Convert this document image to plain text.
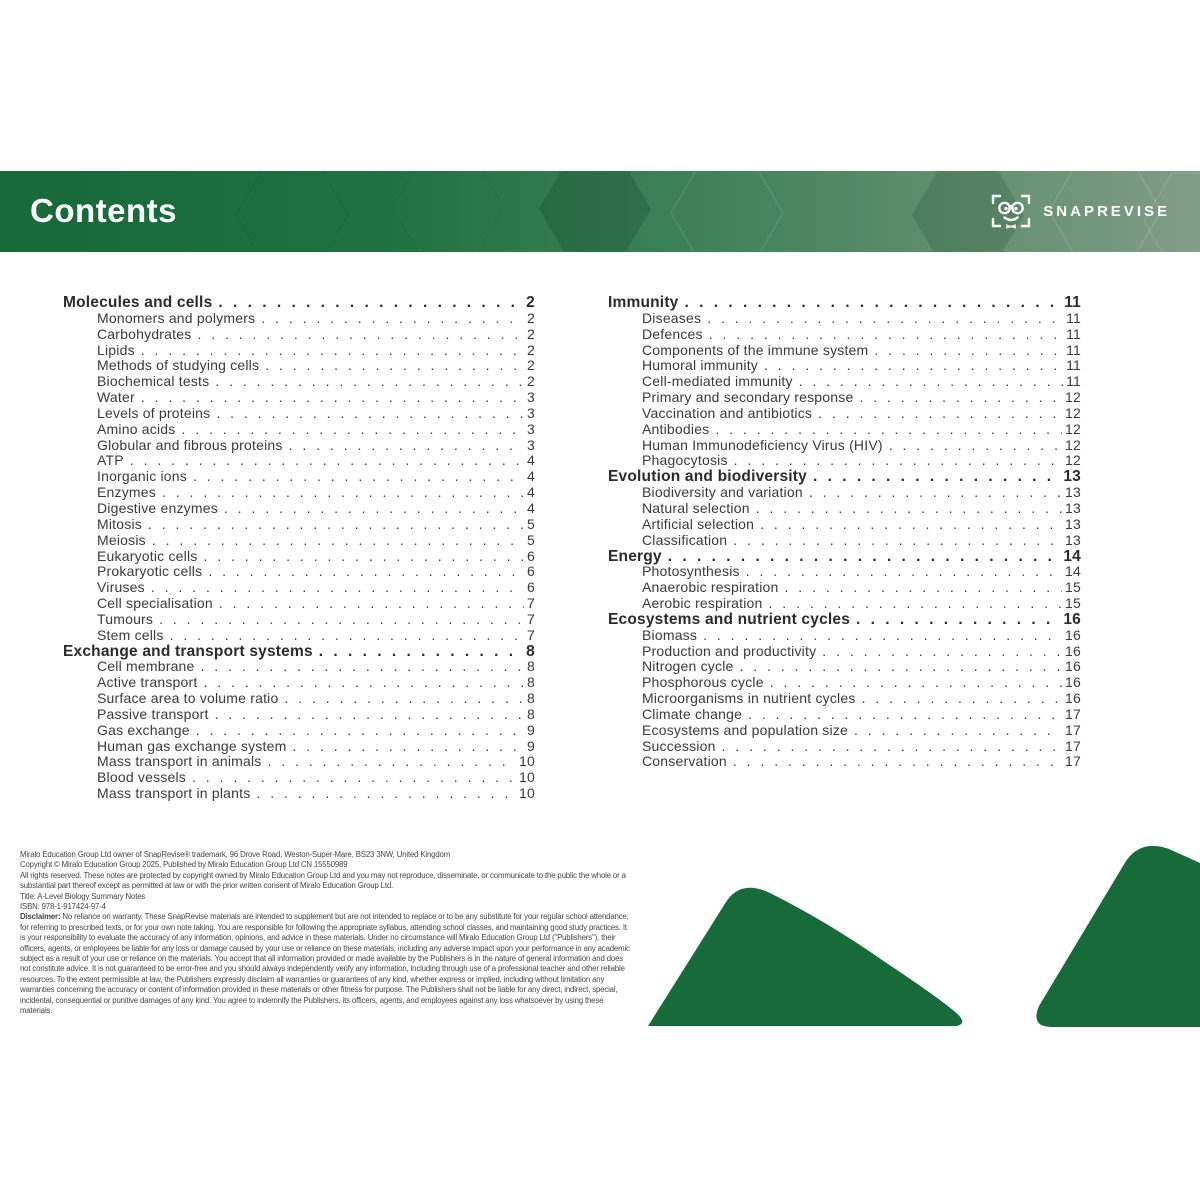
Contents	SNAPREVISE
Molecules and cells . . .	2
Monomers and polymers . . .	2
Carbohydrates . . .	2
Lipids . . .	2
Methods of studying cells . . .	2
Biochemical tests . . .	2
Water . . .	3
Levels of proteins . . .	3
Amino acids . . .	3
Globular and fibrous proteins . . .	3
ATP . . .	4
Inorganic ions . . .	4
Enzymes . . .	4
Digestive enzymes . . .	4
Mitosis . . .	5
Meiosis . . .	5
Eukaryotic cells . . .	6
Prokaryotic cells . . .	6
Viruses . . .	6
Cell specialisation . . .	7
Tumours . . .	7
Stem cells . . .	7
Exchange and transport systems . . .	8
Cell membrane . . .	8
Active transport . . .	8
Surface area to volume ratio . . .	8
Passive transport . . .	8
Gas exchange . . .	9
Human gas exchange system . . .	9
Mass transport in animals . . .	10
Blood vessels . . .	10
Mass transport in plants . . .	10
Immunity . . .	11
Diseases . . .	11
Defences . . .	11
Components of the immune system . . .	11
Humoral immunity . . .	11
Cell-mediated immunity . . .	11
Primary and secondary response . . .	12
Vaccination and antibiotics . . .	12
Antibodies . . .	12
Human Immunodeficiency Virus (HIV) . . .	12
Phagocytosis . . .	12
Evolution and biodiversity . . .	13
Biodiversity and variation . . .	13
Natural selection . . .	13
Artificial selection . . .	13
Classification . . .	13
Energy . . .	14
Photosynthesis . . .	14
Anaerobic respiration . . .	15
Aerobic respiration . . .	15
Ecosystems and nutrient cycles . . .	16
Biomass . . .	16
Production and productivity . . .	16
Nitrogen cycle . . .	16
Phosphorous cycle . . .	16
Microorganisms in nutrient cycles . . .	16
Climate change . . .	17
Ecosystems and population size . . .	17
Succession . . .	17
Conservation . . .	17
Miralo Education Group Ltd owner of SnapRevise® trademark, 96 Drove Road, Weston-Super-Mare, BS23 3NW, United Kingdom
Copyright © Miralo Education Group 2025, Published by Miralo Education Group Ltd CN 15550989
All rights reserved. These notes are protected by copyright owned by Miralo Education Group Ltd and you may not reproduce, disseminate, or communicate to the public the whole or a substantial part thereof except as permitted at law or with the prior written consent of Miralo Education Group Ltd.
Title: A-Level Biology Summary Notes
ISBN: 978-1-917424-97-4
Disclaimer: No reliance on warranty. These SnapRevise materials are intended to supplement but are not intended to replace or to be any substitute for your regular school attendance, for referring to prescribed texts, or for your own note taking. You are responsible for following the appropriate syllabus, attending school classes, and maintaining good study practices. It is your responsibility to evaluate the accuracy of any information, opinions, and advice in these materials. Under no circumstance will Miralo Education Group Ltd ("Publishers"), their officers, agents, or employees be liable for any loss or damage caused by your use or reliance on these materials, including any adverse impact upon your performance in any academic subject as a result of your use or reliance on the materials. You accept that all information provided or made available by the Publishers is in the nature of general information and does not constitute advice. It is not guaranteed to be error-free and you should always independently verify any information, including through use of a professional teacher and other reliable resources. To the extent permissible at law, the Publishers expressly disclaim all warranties or guarantees of any kind, whether express or implied, including without limitation any warranties concerning the accuracy or content of information provided in these materials or other fitness for purpose. The Publishers shall not be liable for any direct, indirect, special, incidental, consequential or punitive damages of any kind. You agree to indemnify the Publishers, its officers, agents, and employees against any loss whatsoever by using these materials.
